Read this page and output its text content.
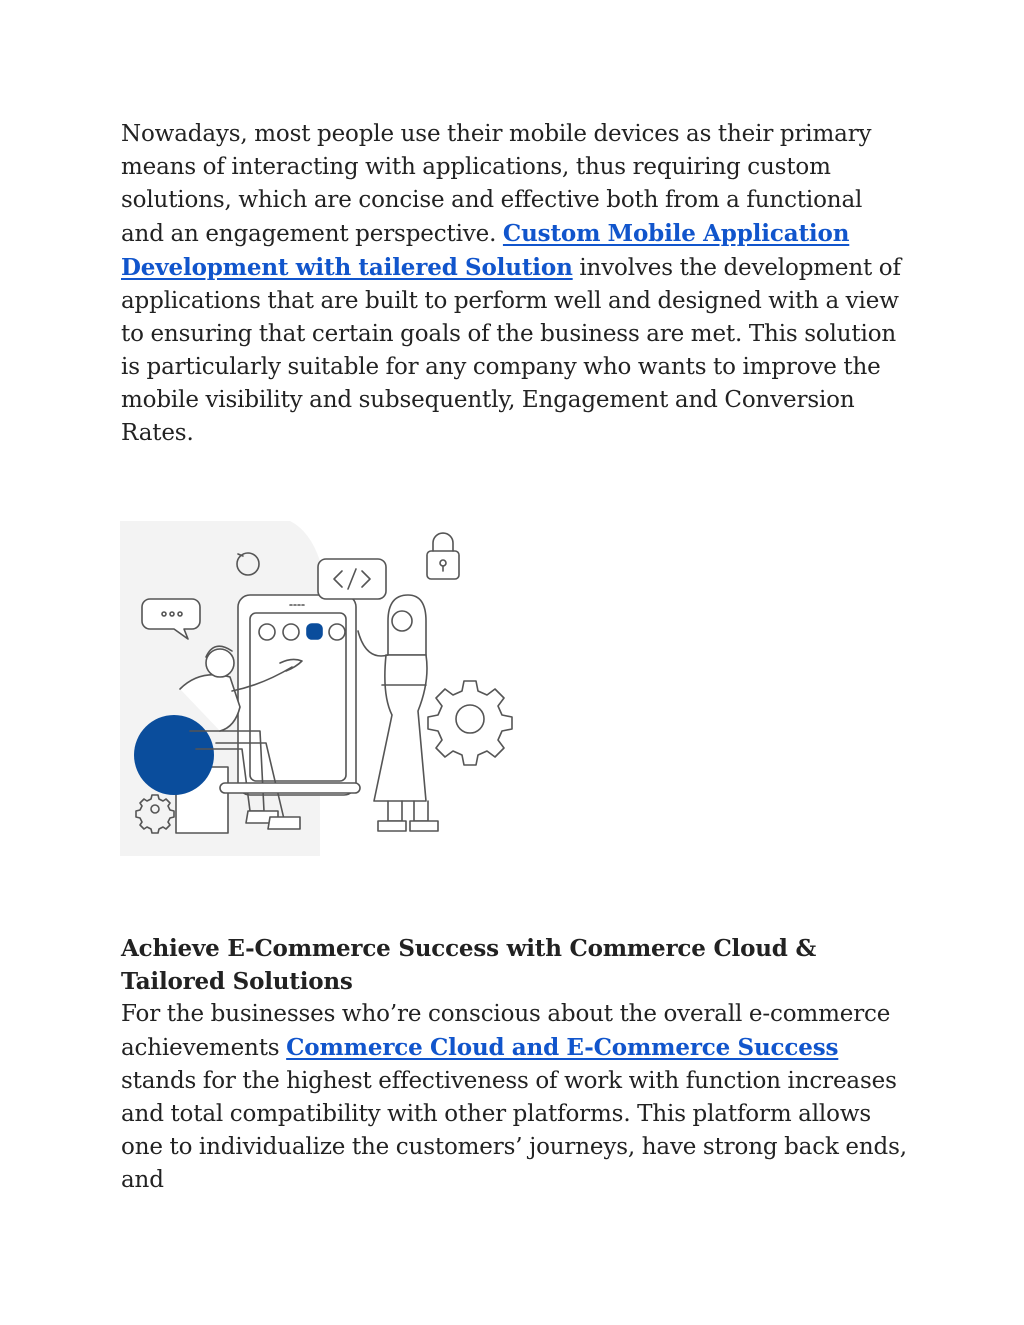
Nowadays, most people use their mobile devices as their primary means of interacting with applications, thus requiring custom solutions, which are concise and effective both from a functional and an engagement perspective. Custom Mobile Application Development with tailered Solution involves the development of applications that are built to perform well and designed with a view to ensuring that certain goals of the business are met. This solution is particularly suitable for any company who wants to improve the mobile visibility and subsequently, Engagement and Conversion Rates.

Achieve E-Commerce Success with Commerce Cloud & Tailored Solutions

For the businesses who’re conscious about the overall e-commerce achievements Commerce Cloud and E-Commerce Success stands for the highest effectiveness of work with function increases and total compatibility with other platforms. This platform allows one to individualize the customers’ journeys, have strong back ends, and
